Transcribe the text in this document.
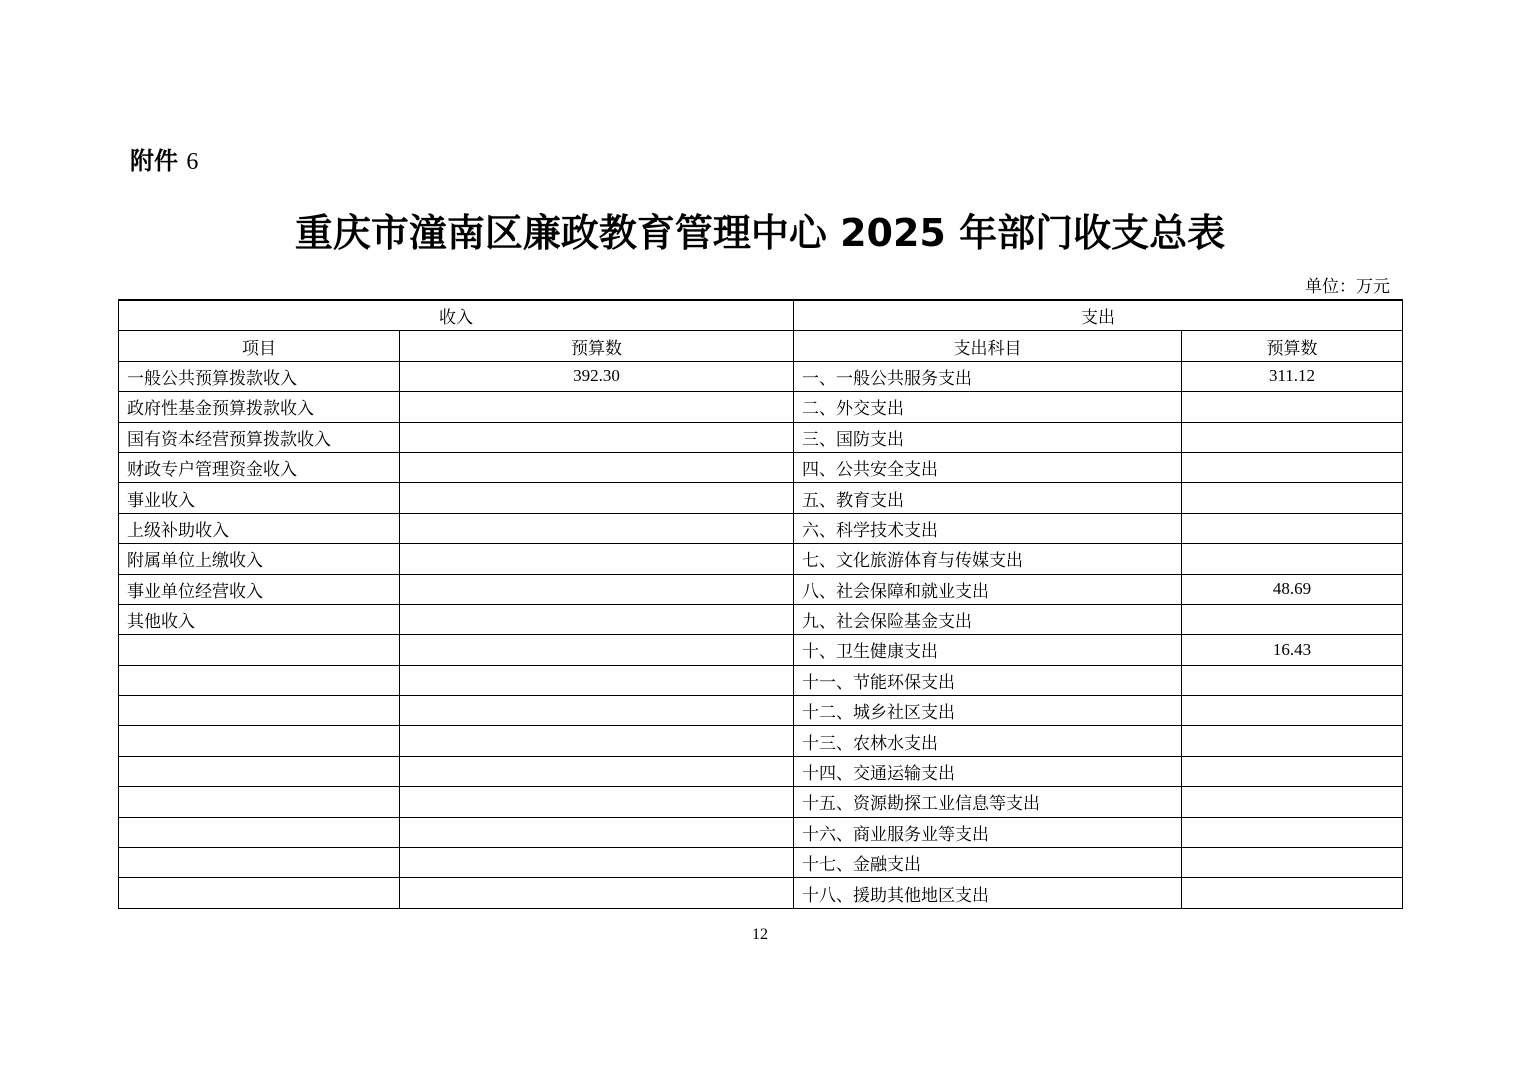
附件 6
重庆市潼南区廉政教育管理中心 2025 年部门收支总表
单位：万元
收入		支出	
项目	预算数	支出科目	预算数
一般公共预算拨款收入	392.30	一、一般公共服务支出	311.12
政府性基金预算拨款收入		二、外交支出	
国有资本经营预算拨款收入		三、国防支出	
财政专户管理资金收入		四、公共安全支出	
事业收入		五、教育支出	
上级补助收入		六、科学技术支出	
附属单位上缴收入		七、文化旅游体育与传媒支出	
事业单位经营收入		八、社会保障和就业支出	48.69
其他收入		九、社会保险基金支出	
		十、卫生健康支出	16.43
		十一、节能环保支出	
		十二、城乡社区支出	
		十三、农林水支出	
		十四、交通运输支出	
		十五、资源勘探工业信息等支出	
		十六、商业服务业等支出	
		十七、金融支出	
		十八、援助其他地区支出	
12
